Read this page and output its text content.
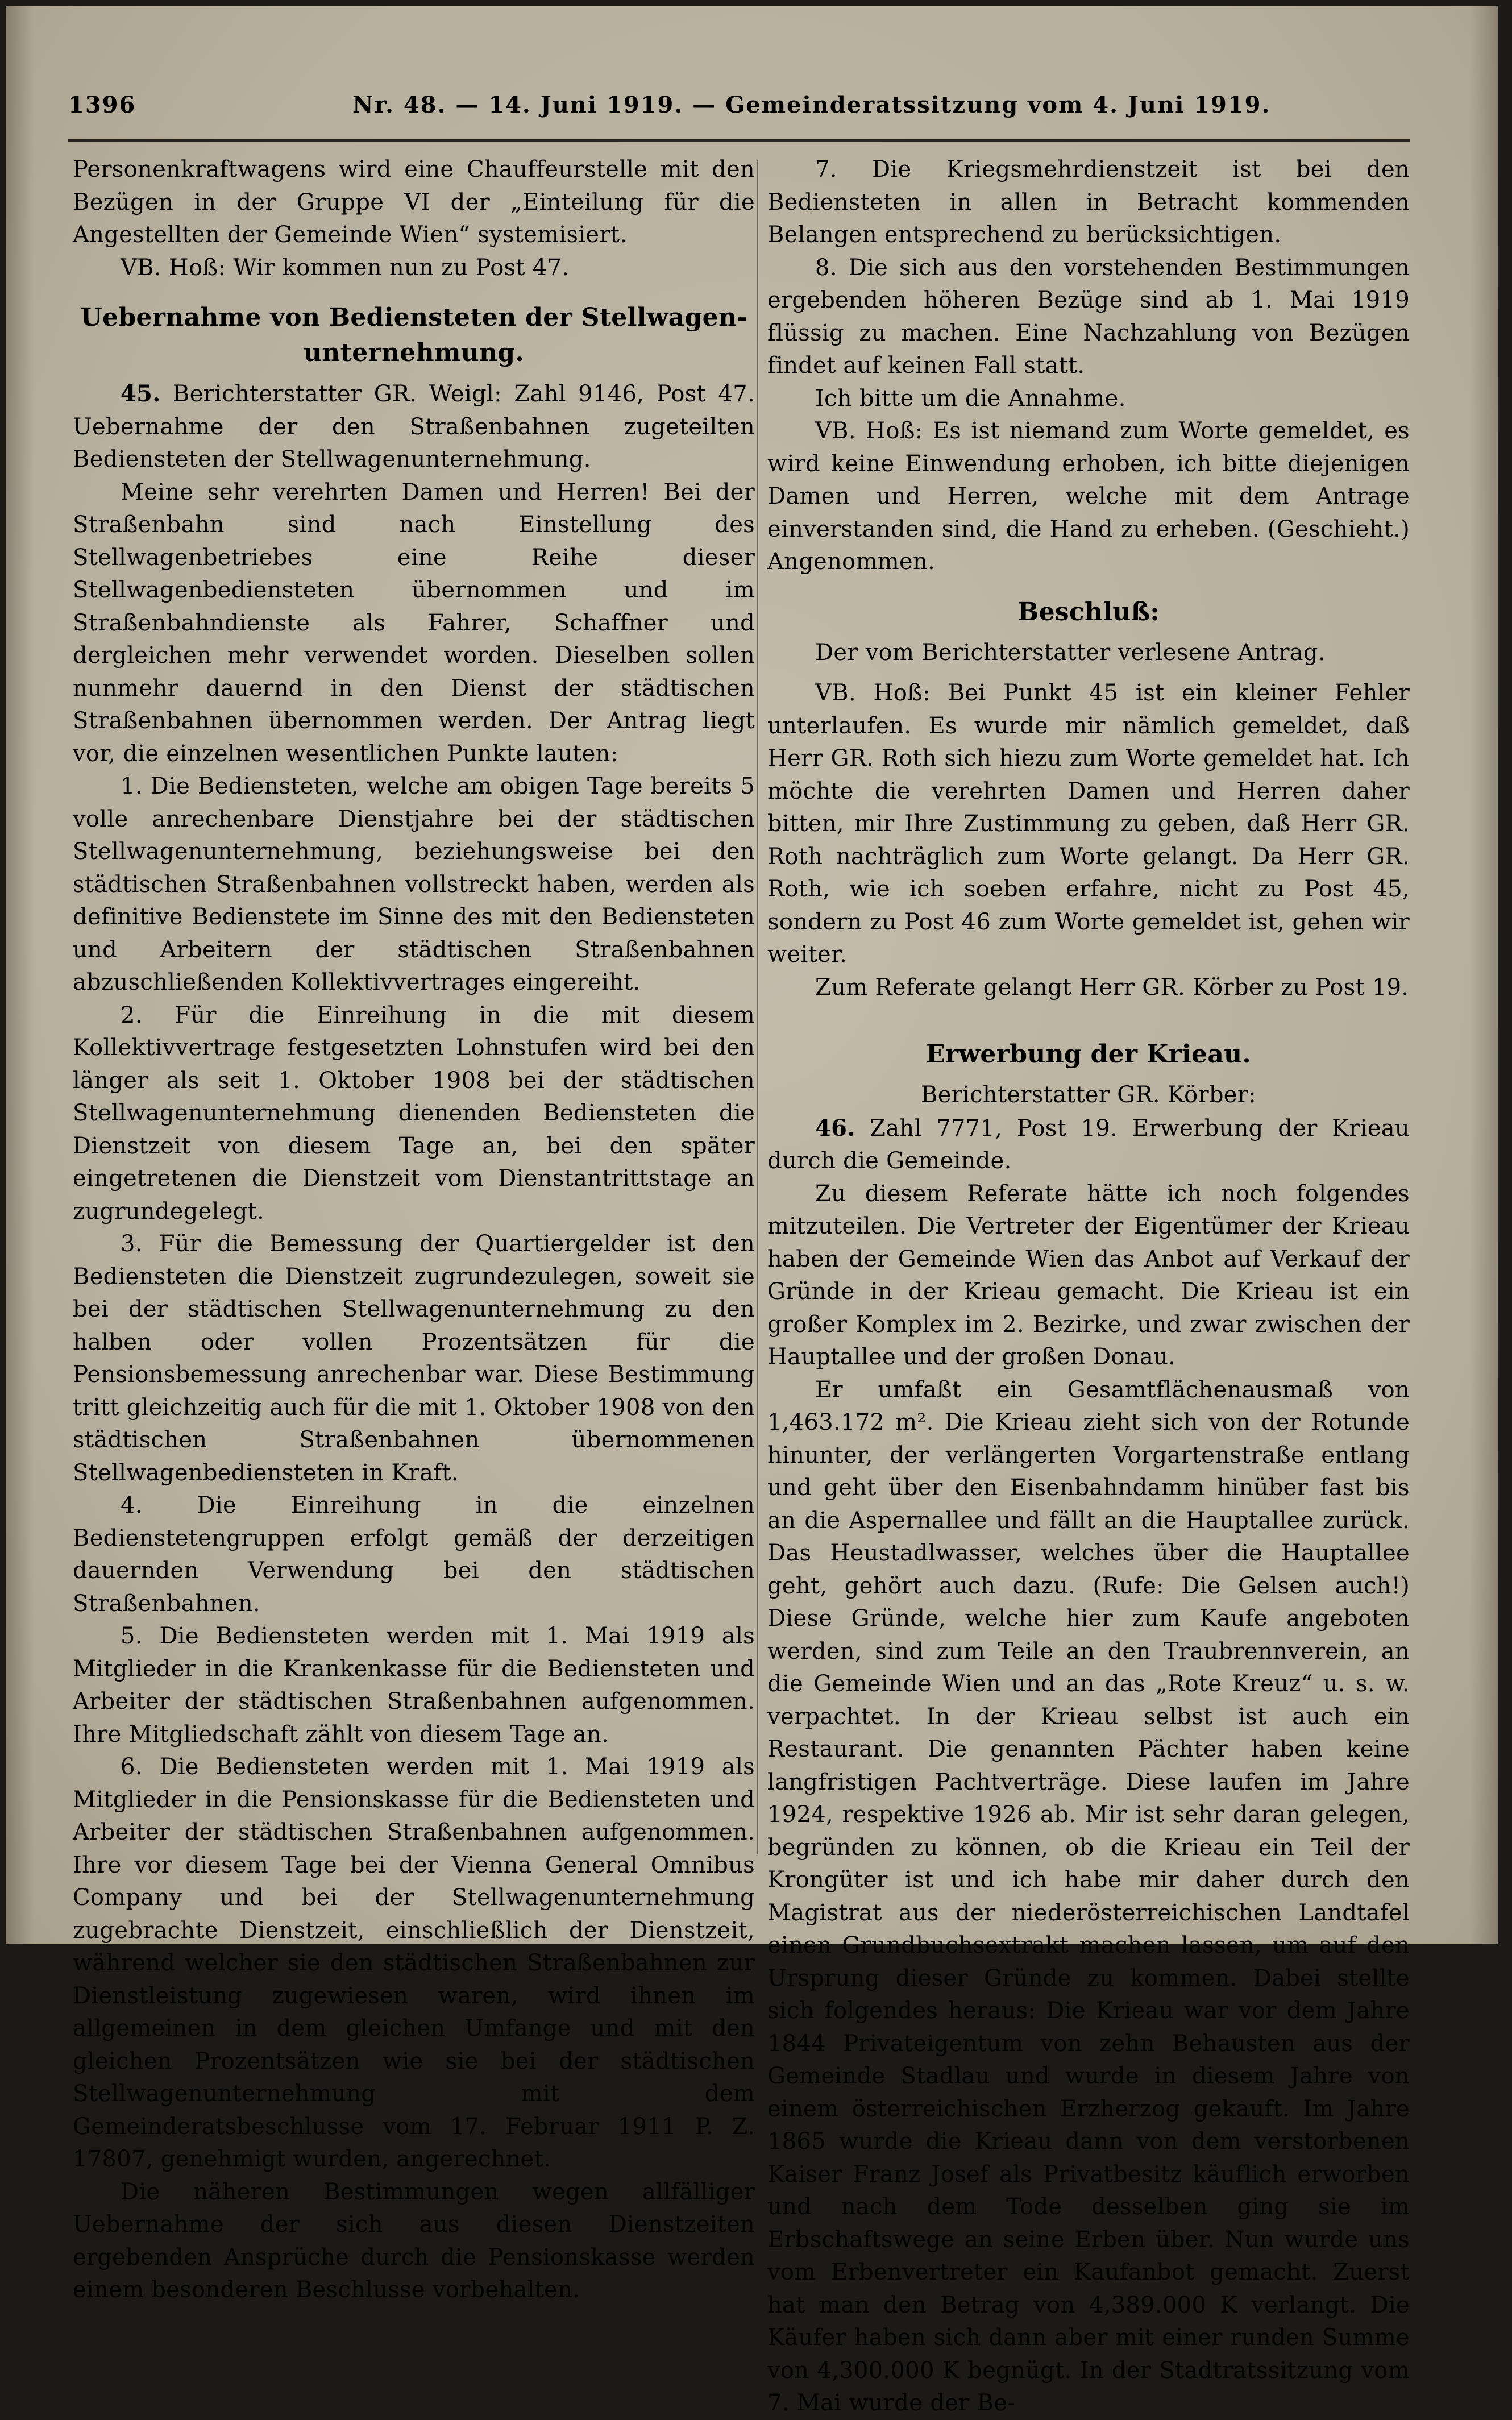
1396	Nr. 48. — 14. Juni 1919. — Gemeinderatssitzung vom 4. Juni 1919.

Personenkraftwagens wird eine Chauffeurstelle mit den Bezügen in der Gruppe VI der „Einteilung für die Angestellten der Gemeinde Wien“ systemisiert.

VB. Hoß: Wir kommen nun zu Post 47.

Uebernahme von Bediensteten der Stellwagenunternehmung.

45. Berichterstatter GR. Weigl: Zahl 9146, Post 47. Uebernahme der den Straßenbahnen zugeteilten Bediensteten der Stellwagenunternehmung.

Meine sehr verehrten Damen und Herren! Bei der Straßenbahn sind nach Einstellung des Stellwagenbetriebes eine Reihe dieser Stellwagenbediensteten übernommen und im Straßenbahndienste als Fahrer, Schaffner und dergleichen mehr verwendet worden. Dieselben sollen nunmehr dauernd in den Dienst der städtischen Straßenbahnen übernommen werden. Der Antrag liegt vor, die einzelnen wesentlichen Punkte lauten:

1. Die Bediensteten, welche am obigen Tage bereits 5 volle anrechenbare Dienstjahre bei der städtischen Stellwagenunternehmung, beziehungsweise bei den städtischen Straßenbahnen vollstreckt haben, werden als definitive Bedienstete im Sinne des mit den Bediensteten und Arbeitern der städtischen Straßenbahnen abzuschließenden Kollektivvertrages eingereiht.

2. Für die Einreihung in die mit diesem Kollektivvertrage festgesetzten Lohnstufen wird bei den länger als seit 1. Oktober 1908 bei der städtischen Stellwagenunternehmung dienenden Bediensteten die Dienstzeit von diesem Tage an, bei den später eingetretenen die Dienstzeit vom Dienstantrittstage an zugrundegelegt.

3. Für die Bemessung der Quartiergelder ist den Bediensteten die Dienstzeit zugrundezulegen, soweit sie bei der städtischen Stellwagenunternehmung zu den halben oder vollen Prozentsätzen für die Pensionsbemessung anrechenbar war. Diese Bestimmung tritt gleichzeitig auch für die mit 1. Oktober 1908 von den städtischen Straßenbahnen übernommenen Stellwagenbediensteten in Kraft.

4. Die Einreihung in die einzelnen Bedienstetengruppen erfolgt gemäß der derzeitigen dauernden Verwendung bei den städtischen Straßenbahnen.

5. Die Bediensteten werden mit 1. Mai 1919 als Mitglieder in die Krankenkasse für die Bediensteten und Arbeiter der städtischen Straßenbahnen aufgenommen. Ihre Mitgliedschaft zählt von diesem Tage an.

6. Die Bediensteten werden mit 1. Mai 1919 als Mitglieder in die Pensionskasse für die Bediensteten und Arbeiter der städtischen Straßenbahnen aufgenommen. Ihre vor diesem Tage bei der Vienna General Omnibus Company und bei der Stellwagenunternehmung zugebrachte Dienstzeit, einschließlich der Dienstzeit, während welcher sie den städtischen Straßenbahnen zur Dienstleistung zugewiesen waren, wird ihnen im allgemeinen in dem gleichen Umfange und mit den gleichen Prozentsätzen wie sie bei der städtischen Stellwagenunternehmung mit dem Gemeinderatsbeschlusse vom 17. Februar 1911 P. Z. 17807, genehmigt wurden, angerechnet.

Die näheren Bestimmungen wegen allfälliger Uebernahme der sich aus diesen Dienstzeiten ergebenden Ansprüche durch die Pensionskasse werden einem besonderen Beschlusse vorbehalten.

7. Die Kriegsmehrdienstzeit ist bei den Bediensteten in allen in Betracht kommenden Belangen entsprechend zu berücksichtigen.

8. Die sich aus den vorstehenden Bestimmungen ergebenden höheren Bezüge sind ab 1. Mai 1919 flüssig zu machen. Eine Nachzahlung von Bezügen findet auf keinen Fall statt.

Ich bitte um die Annahme.

VB. Hoß: Es ist niemand zum Worte gemeldet, es wird keine Einwendung erhoben, ich bitte diejenigen Damen und Herren, welche mit dem Antrage einverstanden sind, die Hand zu erheben. (Geschieht.) Angenommen.

Beschluß:

Der vom Berichterstatter verlesene Antrag.

VB. Hoß: Bei Punkt 45 ist ein kleiner Fehler unterlaufen. Es wurde mir nämlich gemeldet, daß Herr GR. Roth sich hiezu zum Worte gemeldet hat. Ich möchte die verehrten Damen und Herren daher bitten, mir Ihre Zustimmung zu geben, daß Herr GR. Roth nachträglich zum Worte gelangt. Da Herr GR. Roth, wie ich soeben erfahre, nicht zu Post 45, sondern zu Post 46 zum Worte gemeldet ist, gehen wir weiter.

Zum Referate gelangt Herr GR. Körber zu Post 19.

Erwerbung der Krieau.

Berichterstatter GR. Körber:

46. Zahl 7771, Post 19. Erwerbung der Krieau durch die Gemeinde.

Zu diesem Referate hätte ich noch folgendes mitzuteilen. Die Vertreter der Eigentümer der Krieau haben der Gemeinde Wien das Anbot auf Verkauf der Gründe in der Krieau gemacht. Die Krieau ist ein großer Komplex im 2. Bezirke, und zwar zwischen der Hauptallee und der großen Donau.

Er umfaßt ein Gesamtflächenausmaß von 1,463.172 m². Die Krieau zieht sich von der Rotunde hinunter, der verlängerten Vorgartenstraße entlang und geht über den Eisenbahndamm hinüber fast bis an die Aspernallee und fällt an die Hauptallee zurück. Das Heustadlwasser, welches über die Hauptallee geht, gehört auch dazu. (Rufe: Die Gelsen auch!) Diese Gründe, welche hier zum Kaufe angeboten werden, sind zum Teile an den Traubrennverein, an die Gemeinde Wien und an das „Rote Kreuz“ u. s. w. verpachtet. In der Krieau selbst ist auch ein Restaurant. Die genannten Pächter haben keine langfristigen Pachtverträge. Diese laufen im Jahre 1924, respektive 1926 ab. Mir ist sehr daran gelegen, begründen zu können, ob die Krieau ein Teil der Krongüter ist und ich habe mir daher durch den Magistrat aus der niederösterreichischen Landtafel einen Grundbuchsextrakt machen lassen, um auf den Ursprung dieser Gründe zu kommen. Dabei stellte sich folgendes heraus: Die Krieau war vor dem Jahre 1844 Privateigentum von zehn Behausten aus der Gemeinde Stadlau und wurde in diesem Jahre von einem österreichischen Erzherzog gekauft. Im Jahre 1865 wurde die Krieau dann von dem verstorbenen Kaiser Franz Josef als Privatbesitz käuflich erworben und nach dem Tode desselben ging sie im Erbschaftswege an seine Erben über. Nun wurde uns vom Erbenvertreter ein Kaufanbot gemacht. Zuerst hat man den Betrag von 4,389.000 K verlangt. Die Käufer haben sich dann aber mit einer runden Summe von 4,300.000 K begnügt. In der Stadtratssitzung vom 7. Mai wurde der Be-
